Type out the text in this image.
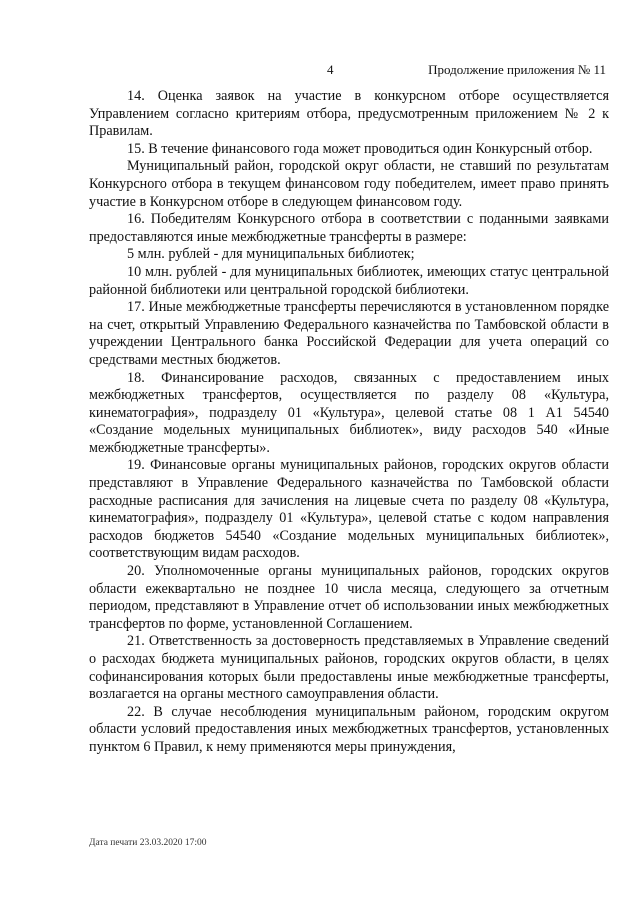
4	Продолжение приложения № 11

14. Оценка заявок на участие в конкурсном отборе осуществляется Управлением согласно критериям отбора, предусмотренным приложением № 2 к Правилам.

15. В течение финансового года может проводиться один Конкурсный отбор.

Муниципальный район, городской округ области, не ставший по результатам Конкурсного отбора в текущем финансовом году победителем, имеет право принять участие в Конкурсном отборе в следующем финансовом году.

16. Победителям Конкурсного отбора в соответствии с поданными заявками предоставляются иные межбюджетные трансферты в размере:

5 млн. рублей - для муниципальных библиотек;

10 млн. рублей - для муниципальных библиотек, имеющих статус центральной районной библиотеки или центральной городской библиотеки.

17. Иные межбюджетные трансферты перечисляются в установленном порядке на счет, открытый Управлению Федерального казначейства по Тамбовской области в учреждении Центрального банка Российской Федерации для учета операций со средствами местных бюджетов.

18. Финансирование расходов, связанных с предоставлением иных межбюджетных трансфертов, осуществляется по разделу 08 «Культура, кинематография», подразделу 01 «Культура», целевой статье 08 1 А1 54540 «Создание модельных муниципальных библиотек», виду расходов 540 «Иные межбюджетные трансферты».

19. Финансовые органы муниципальных районов, городских округов области представляют в Управление Федерального казначейства по Тамбовской области расходные расписания для зачисления на лицевые счета по разделу 08 «Культура, кинематография», подразделу 01 «Культура», целевой статье с кодом направления расходов бюджетов 54540 «Создание модельных муниципальных библиотек», соответствующим видам расходов.

20. Уполномоченные органы муниципальных районов, городских округов области ежеквартально не позднее 10 числа месяца, следующего за отчетным периодом, представляют в Управление отчет об использовании иных межбюджетных трансфертов по форме, установленной Соглашением.

21. Ответственность за достоверность представляемых в Управление сведений о расходах бюджета муниципальных районов, городских округов области, в целях софинансирования которых были предоставлены иные межбюджетные трансферты, возлагается на органы местного самоуправления области.

22. В случае несоблюдения муниципальным районом, городским округом области условий предоставления иных межбюджетных трансфертов, установленных пунктом 6 Правил, к нему применяются меры принуждения,

Дата печати 23.03.2020 17:00
